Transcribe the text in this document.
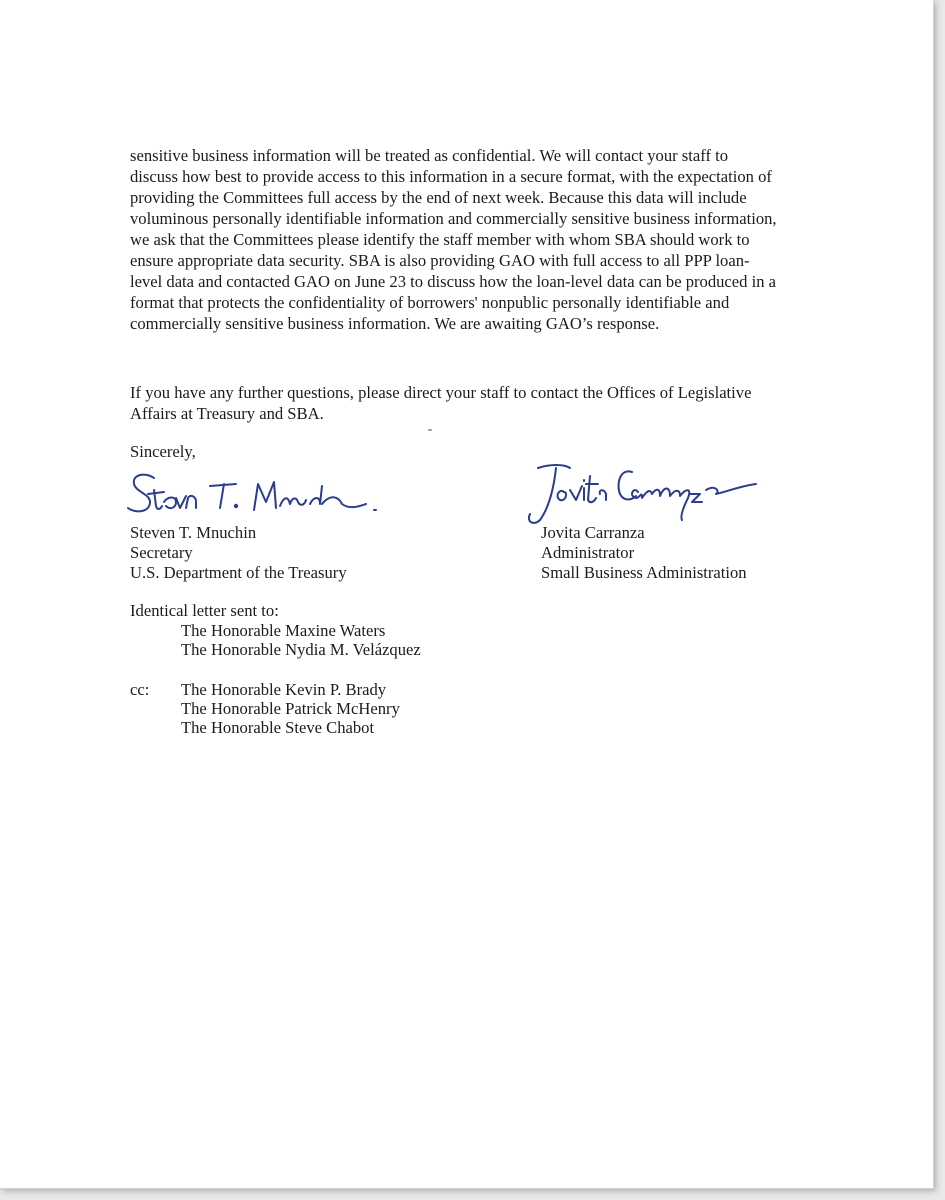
sensitive business information will be treated as confidential. We will contact your staff to
discuss how best to provide access to this information in a secure format, with the expectation of
providing the Committees full access by the end of next week. Because this data will include
voluminous personally identifiable information and commercially sensitive business information,
we ask that the Committees please identify the staff member with whom SBA should work to
ensure appropriate data security. SBA is also providing GAO with full access to all PPP loan-
level data and contacted GAO on June 23 to discuss how the loan-level data can be produced in a
format that protects the confidentiality of borrowers' nonpublic personally identifiable and
commercially sensitive business information. We are awaiting GAO’s response.
If you have any further questions, please direct your staff to contact the Offices of Legislative
Affairs at Treasury and SBA.
Sincerely,
Steven T. Mnuchin
Secretary
U.S. Department of the Treasury
Jovita Carranza
Administrator
Small Business Administration
Identical letter sent to:
The Honorable Maxine Waters
The Honorable Nydia M. Velázquez
cc: The Honorable Kevin P. Brady
The Honorable Patrick McHenry
The Honorable Steve Chabot
